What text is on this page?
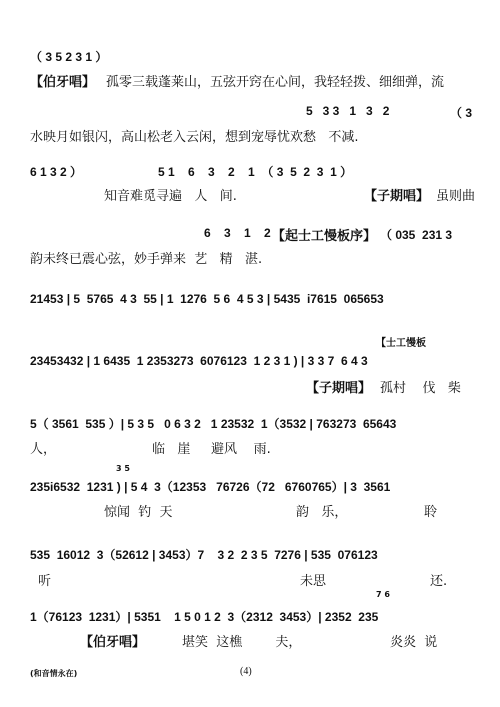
（ 3 5 2 3 1 ）
【伯牙唱】 孤零三载蓬莱山，五弦开窍在心间，我轻轻拨、细细弹，流
5   3 3   1   3   2	（ 3
水映月如银闪，高山松老入云闲，想到宠辱忧欢愁   不减.
6 1 3 2 ）	5 1    6    3    2    1  （ 3  5  2  3  1 ）
知音难觅寻遍   人   间.	【子期唱】 虽则曲
6    3    1    2 【起士工慢板序】 （ 035  231 3
韵未终已震心弦，妙手弹来  艺   精   湛.
21453 | 5  5765  4 3  55 | 1  1276  5 6  4 5 3 | 5435  i7615  065653
【士工慢板
23453432 | 1 6435  1 2353273  6076123  1 2 3 1 ) | 3 3 7  6 4 3
【子期唱】 孤村    伐   柴
5（ 3561  535 ）| 5 3 5   0 6 3 2   1 23532  1（3532 | 763273  65643
人，	临   崖     避风    雨.
3 5
235i6532  1231 ) | 5 4  3（12353   76726（72   6760765）| 3  3561
惊闻  钓  天	韵   乐，	聆
535  16012  3（52612 | 3453）7    3 2  2 3 5  7276 | 535  076123
听	未思	还.
7 6
1（76123  1231）| 5351    1 5 0 1 2  3（2312  3453）| 2352  235
【伯牙唱】	堪笑  这樵        夫，	炎炎  说
(和音情永在)	(4)
